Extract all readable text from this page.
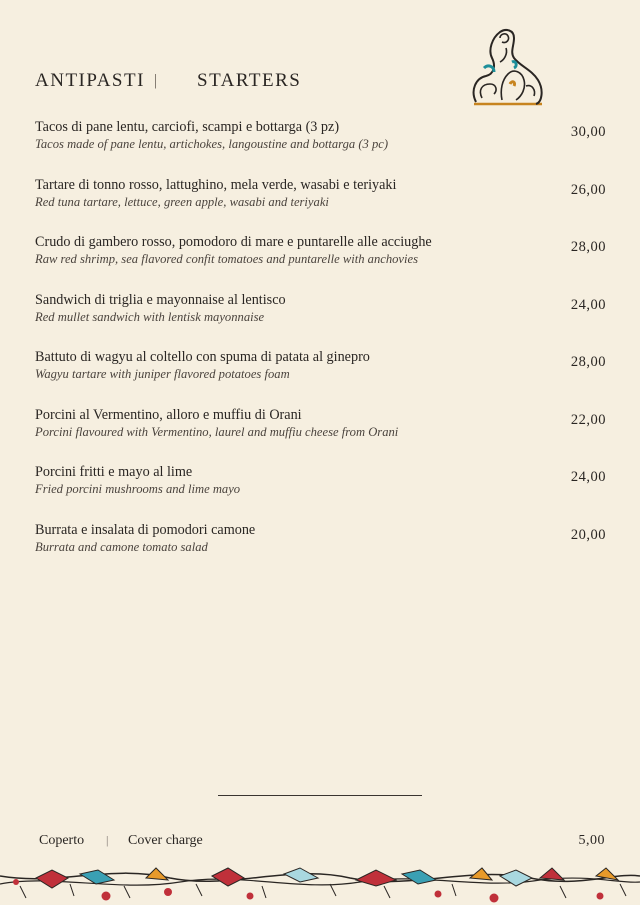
ANTIPASTI | STARTERS
Tacos di pane lentu, carciofi, scampi e bottarga (3 pz)
Tacos made of pane lentu, artichokes, langoustine and bottarga (3 pc)
30,00
Tartare di tonno rosso, lattughino, mela verde, wasabi e teriyaki
Red tuna tartare, lettuce, green apple, wasabi and teriyaki
26,00
Crudo di gambero rosso, pomodoro di mare e puntarelle alle acciughe
Raw red shrimp, sea flavored confit tomatoes and puntarelle with anchovies
28,00
Sandwich di triglia e mayonnaise al lentisco
Red mullet sandwich with lentisk mayonnaise
24,00
Battuto di wagyu al coltello con spuma di patata al ginepro
Wagyu tartare with juniper flavored potatoes foam
28,00
Porcini al Vermentino, alloro e muffiu di Orani
Porcini flavoured with Vermentino, laurel and muffiu cheese from Orani
22,00
Porcini fritti e mayo al lime
Fried porcini mushrooms and lime mayo
24,00
Burrata e insalata di pomodori camone
Burrata and camone tomato salad
20,00
Coperto | Cover charge	5,00
